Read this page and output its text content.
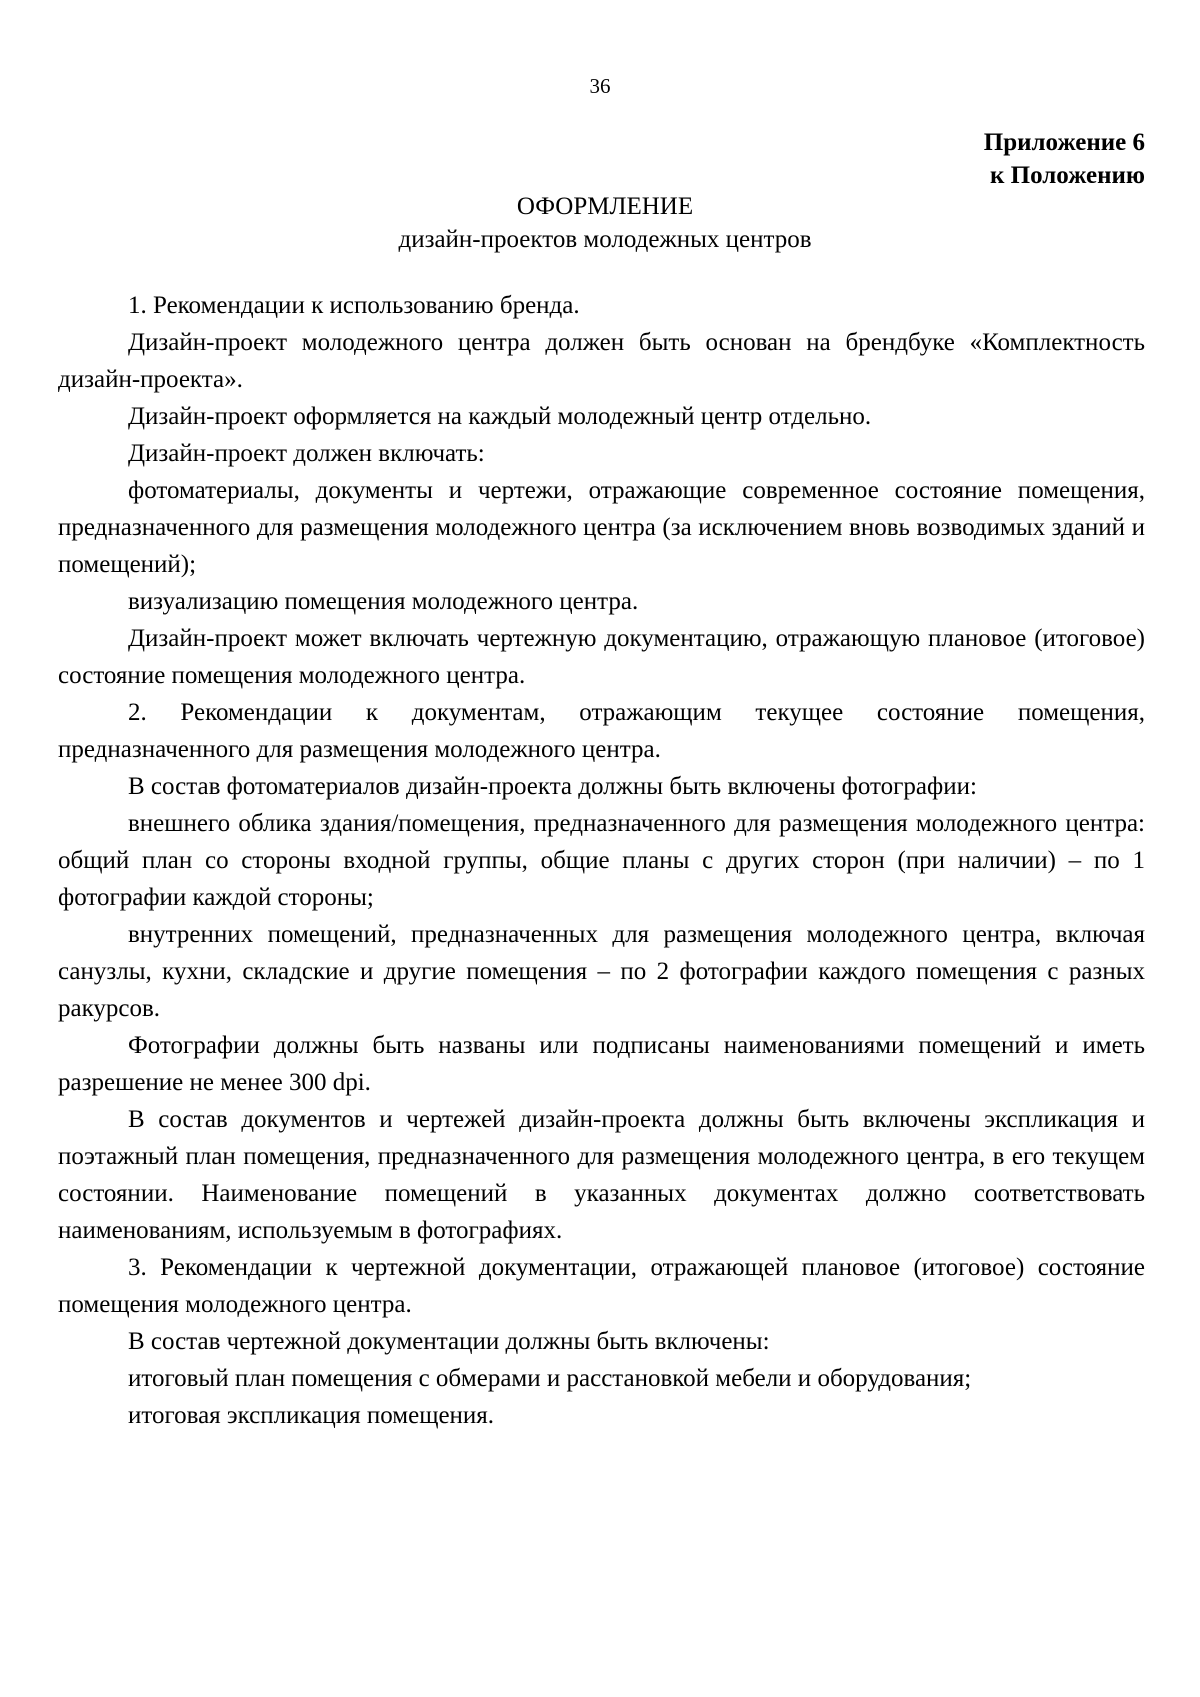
36
Приложение 6
к Положению
ОФОРМЛЕНИЕ
дизайн-проектов молодежных центров

1. Рекомендации к использованию бренда.

Дизайн-проект молодежного центра должен быть основан на брендбуке «Комплектность дизайн-проекта».

Дизайн-проект оформляется на каждый молодежный центр отдельно.

Дизайн-проект должен включать:

фотоматериалы, документы и чертежи, отражающие современное состояние помещения, предназначенного для размещения молодежного центра (за исключением вновь возводимых зданий и помещений);

визуализацию помещения молодежного центра.

Дизайн-проект может включать чертежную документацию, отражающую плановое (итоговое) состояние помещения молодежного центра.

2. Рекомендации к документам, отражающим текущее состояние помещения, предназначенного для размещения молодежного центра.

В состав фотоматериалов дизайн-проекта должны быть включены фотографии:

внешнего облика здания/помещения, предназначенного для размещения молодежного центра: общий план со стороны входной группы, общие планы с других сторон (при наличии) – по 1 фотографии каждой стороны;

внутренних помещений, предназначенных для размещения молодежного центра, включая санузлы, кухни, складские и другие помещения – по 2 фотографии каждого помещения с разных ракурсов.

Фотографии должны быть названы или подписаны наименованиями помещений и иметь разрешение не менее 300 dpi.

В состав документов и чертежей дизайн-проекта должны быть включены экспликация и поэтажный план помещения, предназначенного для размещения молодежного центра, в его текущем состоянии. Наименование помещений в указанных документах должно соответствовать наименованиям, используемым в фотографиях.

3. Рекомендации к чертежной документации, отражающей плановое (итоговое) состояние помещения молодежного центра.

В состав чертежной документации должны быть включены:

итоговый план помещения с обмерами и расстановкой мебели и оборудования;

итоговая экспликация помещения.
